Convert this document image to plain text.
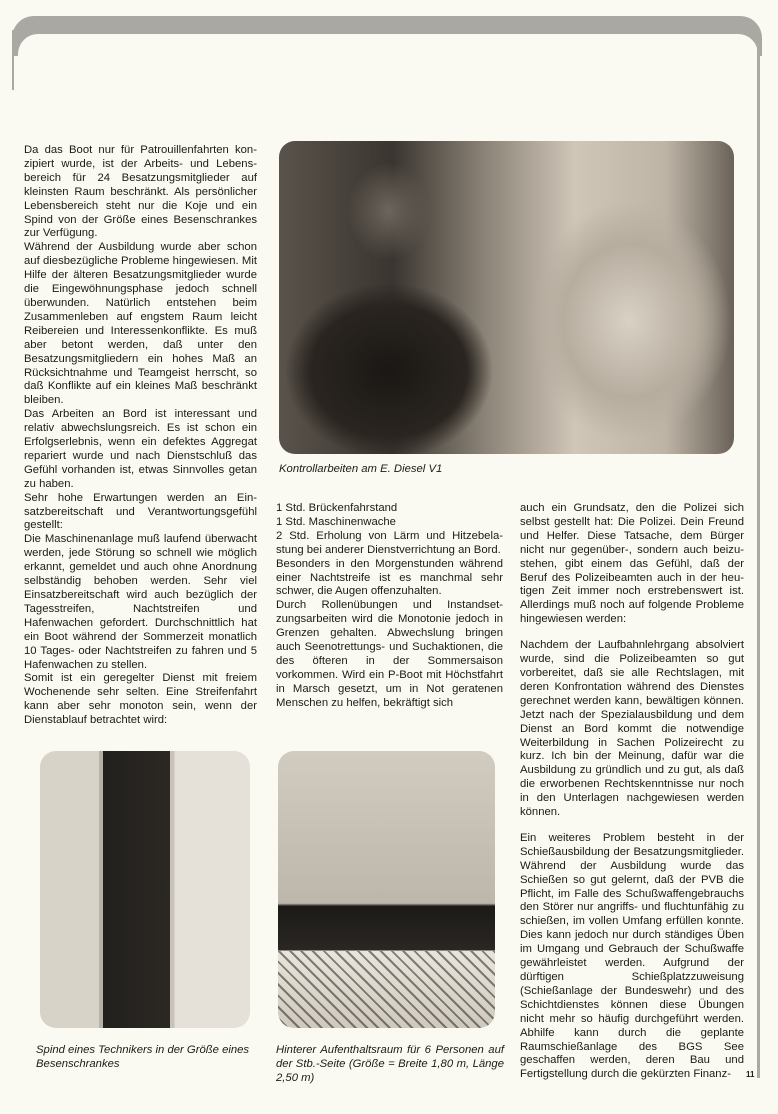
Da das Boot nur für Patrouillenfahrten konzipiert wurde, ist der Arbeits- und Lebensbereich für 24 Besatzungsmitglieder auf kleinsten Raum beschränkt. Als persönlicher Lebensbereich steht nur die Koje und ein Spind von der Größe eines Besenschrankes zur Verfügung.

Während der Ausbildung wurde aber schon auf diesbezügliche Probleme hingewiesen. Mit Hilfe der älteren Besatzungsmitglieder wurde die Eingewöhnungsphase jedoch schnell überwunden. Natürlich entstehen beim Zusammenleben auf engstem Raum leicht Reibereien und Interessenkonflikte. Es muß aber betont werden, daß unter den Besatzungsmitgliedern ein hohes Maß an Rücksichtnahme und Teamgeist herrscht, so daß Konflikte auf ein kleines Maß beschränkt bleiben.

Das Arbeiten an Bord ist interessant und relativ abwechslungsreich. Es ist schon ein Erfolgserlebnis, wenn ein defektes Aggregat repariert wurde und nach Dienstschluß das Gefühl vorhanden ist, etwas Sinnvolles getan zu haben.

Sehr hohe Erwartungen werden an Einsatzbereitschaft und Verantwortungsgefühl gestellt:

Die Maschinenanlage muß laufend überwacht werden, jede Störung so schnell wie möglich erkannt, gemeldet und auch ohne Anordnung selbständig behoben werden. Sehr viel Einsatzbereitschaft wird auch bezüglich der Tagesstreifen, Nachtstreifen und Hafenwachen gefordert. Durchschnittlich hat ein Boot während der Sommerzeit monatlich 10 Tages- oder Nachtstreifen zu fahren und 5 Hafenwachen zu stellen.

Somit ist ein geregelter Dienst mit freiem Wochenende sehr selten. Eine Streifenfahrt kann aber sehr monoton sein, wenn der Dienstablauf betrachtet wird:

Kontrollarbeiten am E. Diesel V1

1 Std. Brückenfahrstand

1 Std. Maschinenwache

2 Std. Erholung von Lärm und Hitzebelastung bei anderer Dienstverrichtung an Bord.

Besonders in den Morgenstunden während einer Nachtstreife ist es manchmal sehr schwer, die Augen offenzuhalten.

Durch Rollenübungen und Instandsetzungsarbeiten wird die Monotonie jedoch in Grenzen gehalten. Abwechslung bringen auch Seenotrettungs- und Suchaktionen, die des öfteren in der Sommersaison vorkommen. Wird ein P-Boot mit Höchstfahrt in Marsch gesetzt, um in Not geratenen Menschen zu helfen, bekräftigt sich

auch ein Grundsatz, den die Polizei sich selbst gestellt hat: Die Polizei. Dein Freund und Helfer. Diese Tatsache, dem Bürger nicht nur gegenüber-, sondern auch beizustehen, gibt einem das Gefühl, daß der Beruf des Polizeibeamten auch in der heutigen Zeit immer noch erstrebenswert ist. Allerdings muß noch auf folgende Probleme hingewiesen werden:

Nachdem der Laufbahnlehrgang absolviert wurde, sind die Polizeibeamten so gut vorbereitet, daß sie alle Rechtslagen, mit deren Konfrontation während des Dienstes gerechnet werden kann, bewältigen können. Jetzt nach der Spezialausbildung und dem Dienst an Bord kommt die notwendige Weiterbildung in Sachen Polizeirecht zu kurz. Ich bin der Meinung, dafür war die Ausbildung zu gründlich und zu gut, als daß die erworbenen Rechtskenntnisse nur noch in den Unterlagen nachgewiesen werden können.

Ein weiteres Problem besteht in der Schießausbildung der Besatzungsmitglieder. Während der Ausbildung wurde das Schießen so gut gelernt, daß der PVB die Pflicht, im Falle des Schußwaffengebrauchs den Störer nur angriffs- und fluchtunfähig zu schießen, im vollen Umfang erfüllen konnte. Dies kann jedoch nur durch ständiges Üben im Umgang und Gebrauch der Schußwaffe gewährleistet werden. Aufgrund der dürftigen Schießplatzzuweisung (Schießanlage der Bundeswehr) und des Schichtdienstes können diese Übungen nicht mehr so häufig durchgeführt werden. Abhilfe kann durch die geplante Raumschießanlage des BGS See geschaffen werden, deren Bau und Fertigstellung durch die gekürzten Finanz-

Spind eines Technikers in der Größe eines Besenschrankes
Hinterer Aufenthaltsraum für 6 Personen auf der Stb.-Seite (Größe = Breite 1,80 m, Länge 2,50 m)	11
